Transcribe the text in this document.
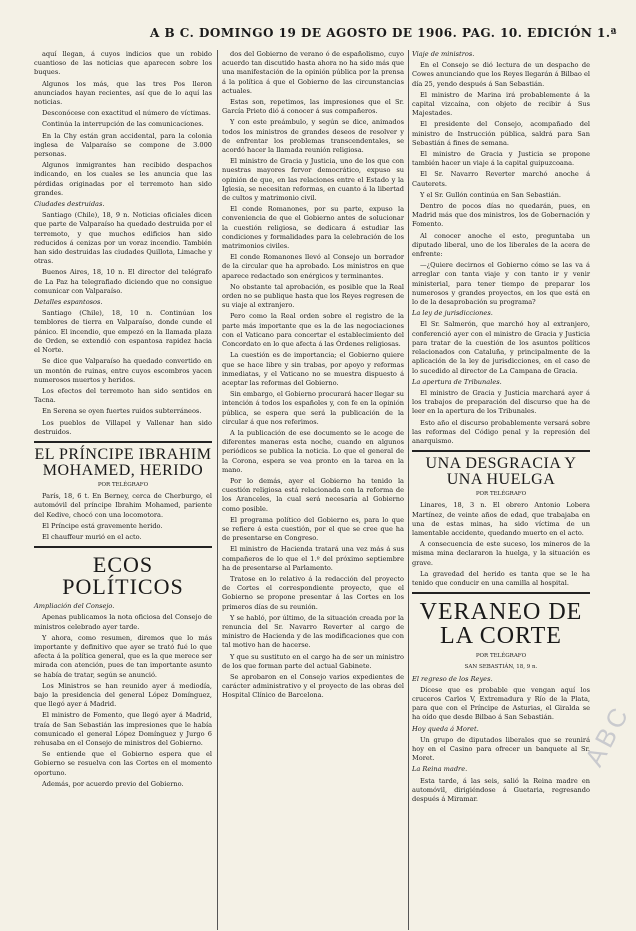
A B C. DOMINGO 19 DE AGOSTO DE 1906. PAG. 10. EDICIÓN 1.ª

aquí llegan, á cuyos indicios que un robido cuantioso de las noticias que aparecen sobre los buques.

Algunos los más, que las tres Pos lleron anunciados hayan recientes, así que de lo aquí las noticias.

Desconócese con exactitud el número de víctimas.

Continúa la interrupción de las comunicaciones.

En la Chy están gran accidental, para la colonia inglesa de Valparaíso se compone de 3.000 personas.

Algunos inmigrantes han recibido despachos indicando, en los cuales se les anuncia que las pérdidas originadas por el terremoto han sido grandes.

Ciudades destruidas.

Santiago (Chile), 18, 9 n. Noticias oficiales dicen que parte de Valparaíso ha quedado destruida por el terremoto, y que muchos edificios han sido reducidos á cenizas por un voraz incendio. También han sido destruidas las ciudades Quillota, Limache y otras.

Buenos Aires, 18, 10 n. El director del telégrafo de La Paz ha telegrafiado diciendo que no consigue comunicar con Valparaíso.

Detalles espantosos.

Santiago (Chile), 18, 10 n. Continúan los temblores de tierra en Valparaíso, donde cunde el pánico. El incendio, que empezó en la llamada plaza de Orden, se extendió con espantosa rapidez hacia el Norte.

Se dice que Valparaíso ha quedado convertido en un montón de ruinas, entre cuyos escombros yacen numerosos muertos y heridos.

Los efectos del terremoto han sido sentidos en Tacna.

En Serena se oyen fuertes ruidos subterráneos.

Los pueblos de Villapel y Vallenar han sido destruidos.

EL PRÍNCIPE IBRAHIM MOHAMED, HERIDO
POR TELÉGRAFO

París, 18, 6 t. En Berney, cerca de Cherburgo, el automóvil del príncipe Ibrahim Mohamed, pariente del Kedive, chocó con una locomotora.

El Príncipe está gravemente herido.

El chauffeur murió en el acto.

ECOS POLÍTICOS

Ampliación del Consejo.

Apenas publicamos la nota oficiosa del Consejo de ministros celebrado ayer tarde.

Y ahora, como resumen, diremos que lo más importante y definitivo que ayer se trató fué lo que afecta á la política general, que es la que merece ser mirada con atención, pues de tan importante asunto se había de tratar, según se anunció.

Los Ministros se han reunido ayer á mediodía, bajo la presidencia del general López Domínguez, que llegó ayer á Madrid.

El ministro de Fomento, que llegó ayer á Madrid, traía de San Sebastián las impresiones que le había comunicado el general López Domínguez y Jurgo 6 rehusaba en el Consejo de ministros del Gobierno.

Se entiende que el Gobierno espera que el Gobierno se resuelva con las Cortes en el momento oportuno.

Además, por acuerdo previo del Gobierno.

dos del Gobierno de verano ó de españolismo, cuyo acuerdo tan discutido hasta ahora no ha sido más que una manifestación de la opinión pública por la prensa á la política á que el Gobierno de las circunstancias actuales.

Estas son, repetimos, las impresiones que el Sr. García Prieto dió á conocer á sus compañeros.

Y con este preámbulo, y según se dice, animados todos los ministros de grandes deseos de resolver y de enfrentar los problemas transcendentales, se acordó hacer la llamada reunión religiosa.

El ministro de Gracia y Justicia, uno de los que con nuestras mayores fervor democrático, expuso su opinión de que, en las relaciones entre el Estado y la Iglesia, se necesitan reformas, en cuanto á la libertad de cultos y matrimonio civil.

El conde Romanones, por su parte, expuso la conveniencia de que el Gobierno antes de solucionar la cuestión religiosa, se dedicara á estudiar las condiciones y formalidades para la celebración de los matrimonios civiles.

El conde Romanones llevó al Consejo un borrador de la circular que ha aprobado. Los ministros en que aparece redactado son enérgicos y terminantes.

No obstante tal aprobación, es posible que la Real orden no se publique hasta que los Reyes regresen de su viaje al extranjero.

Pero como la Real orden sobre el registro de la parte más importante que es la de las negociaciones con el Vaticano para concertar el establecimiento del Concordato en lo que afecta á las Órdenes religiosas.

La cuestión es de importancia; el Gobierno quiere que se hace libre y sin trabas, por apoyo y reformas inmediatas, y el Vaticano no se muestra dispuesto á aceptar las reformas del Gobierno.

Sin embargo, el Gobierno procurará hacer llegar su intención á todos los españoles y, con fe en la opinión pública, se espera que será la publicación de la circular á que nos referimos.

A la publicación de ese documento se le acoge de diferentes maneras esta noche, cuando en algunos periódicos se publica la noticia. Lo que el general de la Corona, espera se vea pronto en la tarea en la mano.

Por lo demás, ayer el Gobierno ha tenido la cuestión religiosa está relacionada con la reforma de los Aranceles, la cual será necesaria al Gobierno como posible.

El programa político del Gobierno es, para lo que se refiere á esta cuestión, por el que se cree que ha de presentarse en Congreso.

El ministro de Hacienda tratará una vez más á sus compañeros de lo que el 1.º del próximo septiembre ha de presentarse al Parlamento.

Tratose en lo relativo á la redacción del proyecto de Cortes el correspondiente proyecto, que el Gobierno se propone presentar á las Cortes en los primeros días de su reunión.

Y se habló, por último, de la situación creada por la renuncia del Sr. Navarro Reverter al cargo de ministro de Hacienda y de las modificaciones que con tal motivo han de hacerse.

Y que su sustituto en el cargo ha de ser un ministro de los que forman parte del actual Gabinete.

Se aprobaron en el Consejo varios expedientes de carácter administrativo y el proyecto de las obras del Hospital Clínico de Barcelona.

Viaje de ministros.

En el Consejo se dió lectura de un despacho de Cowes anunciando que los Reyes llegarán á Bilbao el día 25, yendo después á San Sebastián.

El ministro de Marina irá probablemente á la capital vizcaína, con objeto de recibir á Sus Majestades.

El presidente del Consejo, acompañado del ministro de Instrucción pública, saldrá para San Sebastián á fines de semana.

El ministro de Gracia y Justicia se propone también hacer un viaje á la capital guipuzcoana.

El Sr. Navarro Reverter marchó anoche á Cauterets.

Y el Sr. Gullón continúa en San Sebastián.

Dentro de pocos días no quedarán, pues, en Madrid más que dos ministros, los de Gobernación y Fomento.

Al conocer anoche el esto, preguntaba un diputado liberal, uno de los liberales de la acera de enfrente:

—¿Quiere decirnos el Gobierno cómo se las va á arreglar con tanta viaje y con tanto ir y venir ministerial, para tener tiempo de preparar los numerosos y grandes proyectos, en los que está en lo de la desaprobación su programa?

La ley de jurisdicciones.

El Sr. Salmerón, que marchó hoy al extranjero, conferenció ayer con el ministro de Gracia y Justicia para tratar de la cuestión de los asuntos políticos relacionados con Cataluña, y principalmente de la aplicación de la ley de jurisdicciones, en el caso de lo sucedido al director de La Campana de Gracia.

La apertura de Tribunales.

El ministro de Gracia y Justicia marchará ayer á los trabajos de preparación del discurso que ha de leer en la apertura de los Tribunales.

Esto año el discurso probablemente versará sobre las reformas del Código penal y la represión del anarquismo.

UNA DESGRACIA Y UNA HUELGA
POR TELÉGRAFO

Linares, 18, 3 n. El obrero Antonio Lobera Martínez, de veinte años de edad, que trabajaba en una de estas minas, ha sido víctima de un lamentable accidente, quedando muerto en el acto.

A consecuencia de este suceso, los mineros de la misma mina declararon la huelga, y la situación es grave.

La gravedad del herido es tanta que se le ha tenido que conducir en una camilla al hospital.

VERANEO DE LA CORTE
POR TELÉGRAFO
SAN SEBASTIÁN, 18, 9 n.

El regreso de los Reyes.

Dícese que es probable que vengan aquí los cruceros Carlos V, Extremadura y Río de la Plata, para que con el Príncipe de Asturias, el Giralda se ha oído que desde Bilbao á San Sebastián.

Hoy queda á Moret.

Un grupo de diputados liberales que se reunirá hoy en el Casino para ofrecer un banquete al Sr. Moret.

La Reina madre.

Esta tarde, á las seis, salió la Reina madre en automóvil, dirigiéndose á Guetaria, regresando después á Miramar.

ABC
